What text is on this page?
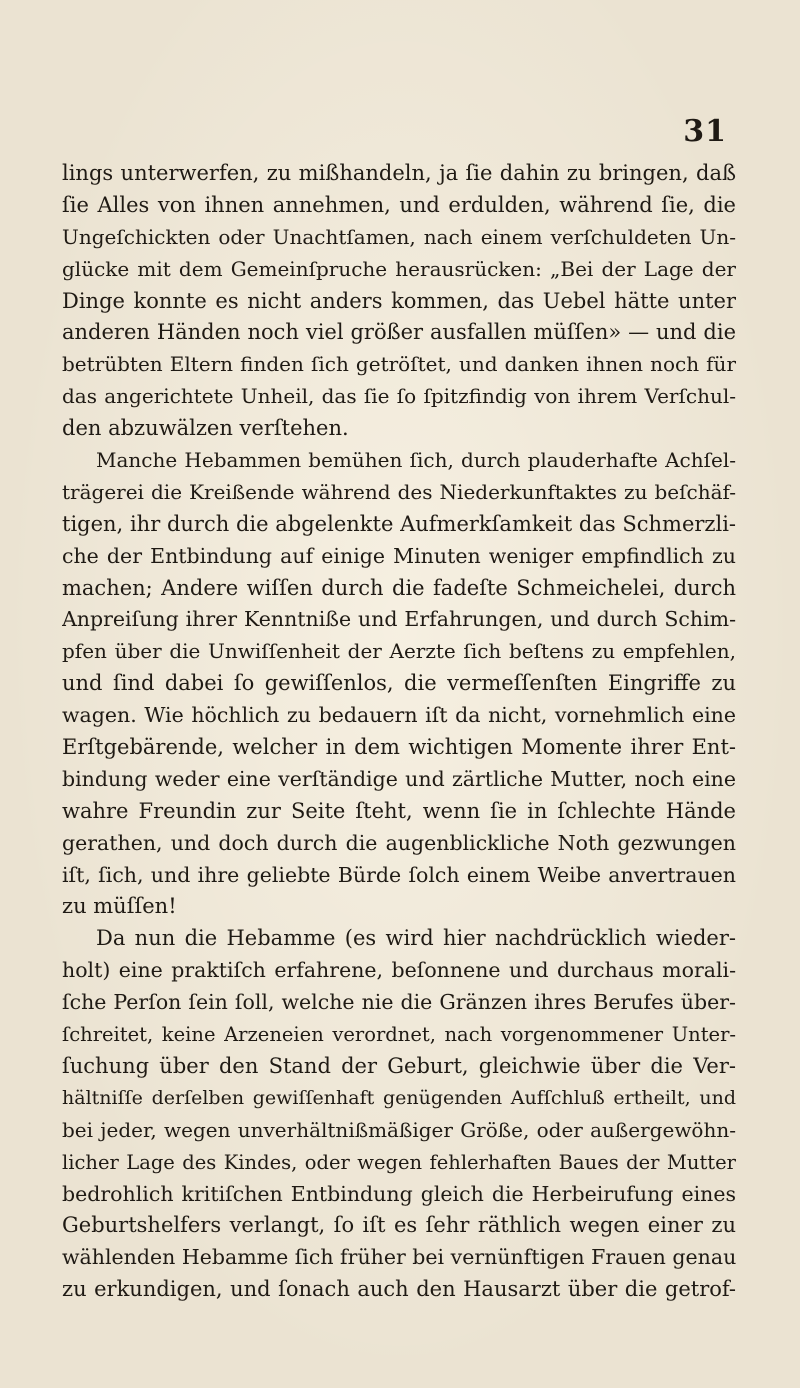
31
lings unterwerfen, zu mißhandeln, ja ſie dahin zu bringen, daß
ſie Alles von ihnen annehmen, und erdulden, während ſie, die
Ungeſchickten oder Unachtſamen, nach einem verſchuldeten Un-
glücke mit dem Gemeinſpruche herausrücken: „Bei der Lage der
Dinge konnte es nicht anders kommen, das Uebel hätte unter
anderen Händen noch viel größer ausfallen müſſen» — und die
betrübten Eltern finden ſich getröſtet, und danken ihnen noch für
das angerichtete Unheil, das ſie ſo ſpitzfindig von ihrem Verſchul-
den abzuwälzen verſtehen.
Manche Hebammen bemühen ſich, durch plauderhafte Achſel-
trägerei die Kreißende während des Niederkunftaktes zu beſchäf-
tigen, ihr durch die abgelenkte Aufmerkſamkeit das Schmerzli-
che der Entbindung auf einige Minuten weniger empfindlich zu
machen; Andere wiſſen durch die fadeſte Schmeichelei, durch
Anpreiſung ihrer Kenntniße und Erfahrungen, und durch Schim-
pfen über die Unwiſſenheit der Aerzte ſich beſtens zu empfehlen,
und ſind dabei ſo gewiſſenlos, die vermeſſenſten Eingriffe zu
wagen. Wie höchlich zu bedauern iſt da nicht, vornehmlich eine
Erſtgebärende, welcher in dem wichtigen Momente ihrer Ent-
bindung weder eine verſtändige und zärtliche Mutter, noch eine
wahre Freundin zur Seite ſteht, wenn ſie in ſchlechte Hände
gerathen, und doch durch die augenblickliche Noth gezwungen
iſt, ſich, und ihre geliebte Bürde ſolch einem Weibe anvertrauen
zu müſſen!
Da nun die Hebamme (es wird hier nachdrücklich wieder-
holt) eine praktiſch erfahrene, beſonnene und durchaus morali-
ſche Perſon ſein ſoll, welche nie die Gränzen ihres Berufes über-
ſchreitet, keine Arzeneien verordnet, nach vorgenommener Unter-
ſuchung über den Stand der Geburt, gleichwie über die Ver-
hältniſſe derſelben gewiſſenhaft genügenden Aufſchluß ertheilt, und
bei jeder, wegen unverhältnißmäßiger Größe, oder außergewöhn-
licher Lage des Kindes, oder wegen fehlerhaften Baues der Mutter
bedrohlich kritiſchen Entbindung gleich die Herbeirufung eines
Geburtshelfers verlangt, ſo iſt es ſehr räthlich wegen einer zu
wählenden Hebamme ſich früher bei vernünftigen Frauen genau
zu erkundigen, und ſonach auch den Hausarzt über die getrof-
